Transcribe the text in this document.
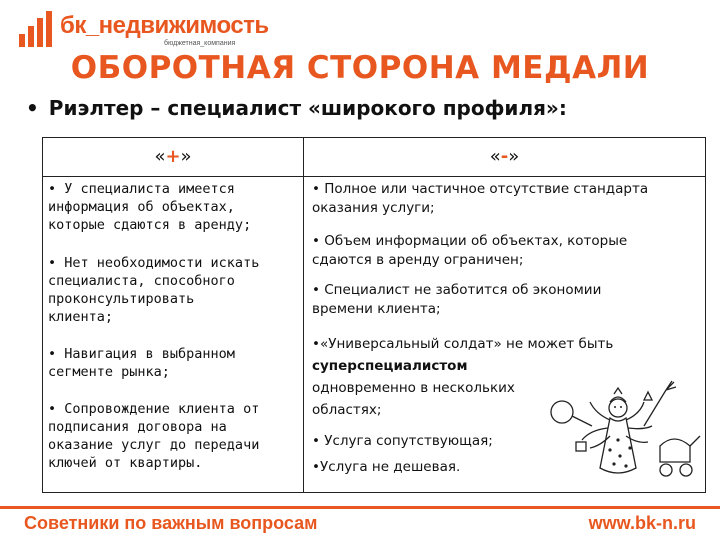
бк_недвижимость
бюджетная_компания
ОБОРОТНАЯ СТОРОНА МЕДАЛИ
• Риэлтер – специалист «широкого профиля»:
«+»
• У специалиста имеется
информация об объектах,
которые сдаются в аренду;
• Нет необходимости искать
специалиста, способного
проконсультировать
клиента;
• Навигация в выбранном
сегменте рынка;
• Сопровождение клиента от
подписания договора на
оказание услуг до передачи
ключей от квартиры.
«-»
• Полное или частичное отсутствие стандарта
оказания услуги;
• Объем информации об объектах, которые
сдаются в аренду ограничен;
• Специалист не заботится об экономии
времени клиента;
•«Универсальный солдат» не может быть
суперспециалистом
одновременно в нескольких
областях;
• Услуга сопутствующая;
•Услуга не дешевая.
Советники по важным вопросам	www.bk-n.ru
